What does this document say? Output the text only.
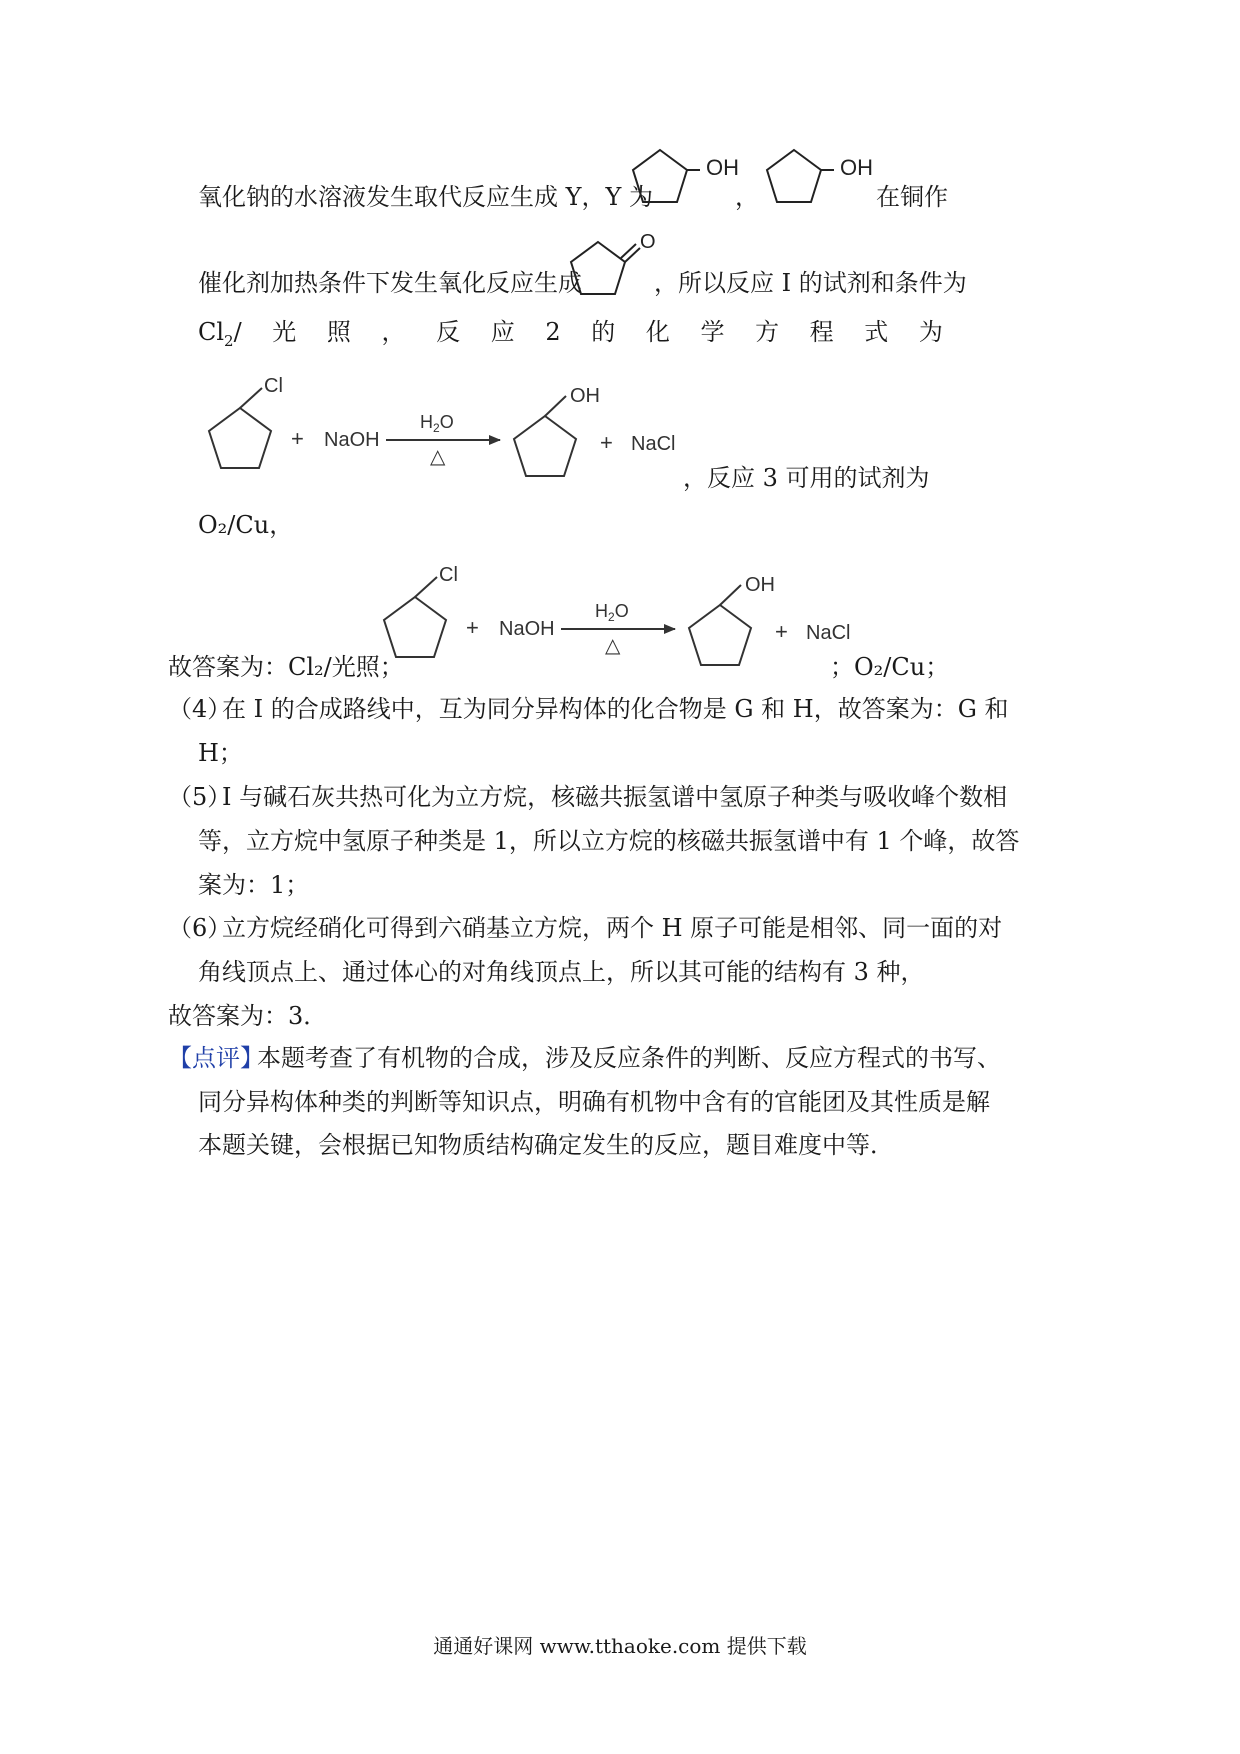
氧化钠的水溶液发生取代反应生成 Y，Y 为
OH
，
OH
在铜作
催化剂加热条件下发生氧化反应生成
O
，所以反应 I 的试剂和条件为
$Cl_2/$ 光 照 ， 反 应 2 的 化 学 方 程 式 为
Cl
+ NaOH
$H_2O$
△
OH
+ NaCl
，反应 3 可用的试剂为
O₂/Cu，
Cl
+ NaOH
$H_2O$
△
OH
+ NaCl
故答案为：Cl₂/光照；	；O₂/Cu；
（4）
在 I 的合成路线中，互为同分异构体的化合物是 G 和 H，故答案为：G 和
H；
（5）
I 与碱石灰共热可化为立方烷，核磁共振氢谱中氢原子种类与吸收峰个数相
等，立方烷中氢原子种类是 1，所以立方烷的核磁共振氢谱中有 1 个峰，故答
案为：1；
（6）
立方烷经硝化可得到六硝基立方烷，两个 H 原子可能是相邻、同一面的对
角线顶点上、通过体心的对角线顶点上，所以其可能的结构有 3 种，
故答案为：3．
【点评】
本题考查了有机物的合成，涉及反应条件的判断、反应方程式的书写、
同分异构体种类的判断等知识点，明确有机物中含有的官能团及其性质是解
本题关键，会根据已知物质结构确定发生的反应，题目难度中等．
通通好课网 www.tthaoke.com 提供下载
